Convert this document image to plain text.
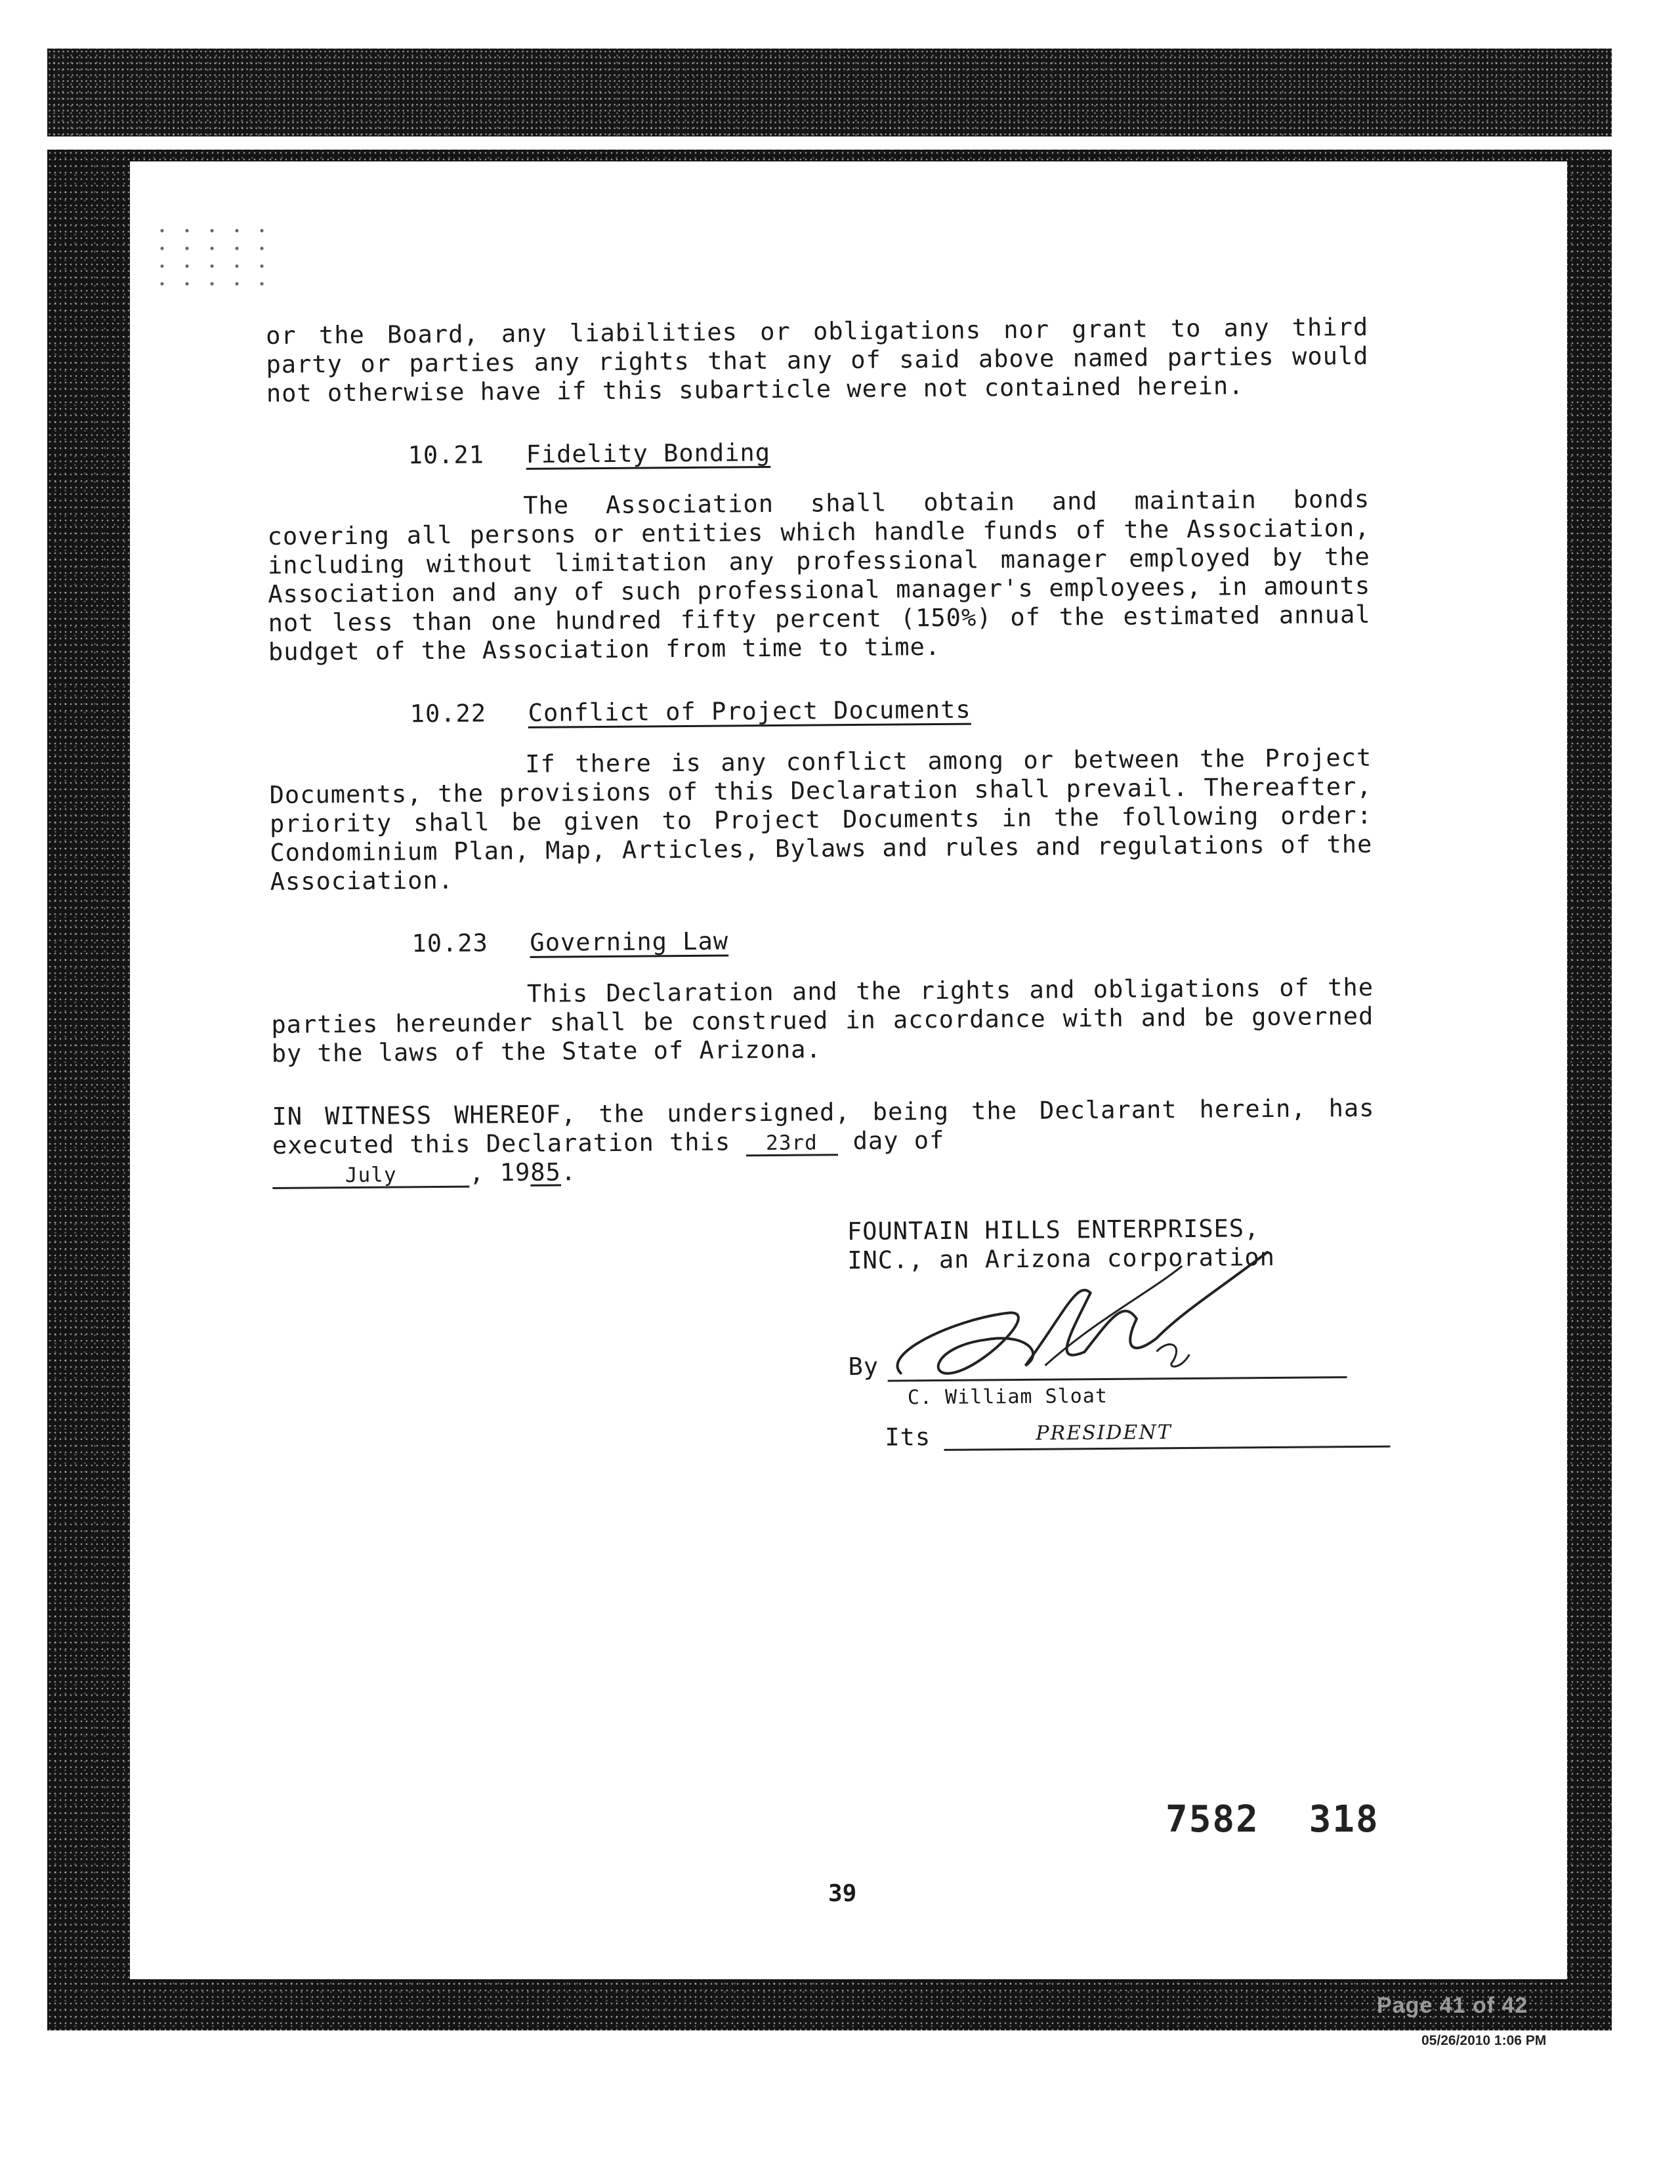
or the Board, any liabilities or obligations nor grant to any third party or parties any rights that any of said above named parties would not otherwise have if this subarticle were not contained herein.

10.21 Fidelity Bonding

The Association shall obtain and maintain bonds covering all persons or entities which handle funds of the Association, including without limitation any professional manager employed by the Association and any of such professional manager's employees, in amounts not less than one hundred fifty percent (150%) of the estimated annual budget of the Association from time to time.

10.22 Conflict of Project Documents

If there is any conflict among or between the Project Documents, the provisions of this Declaration shall prevail. Thereafter, priority shall be given to Project Documents in the following order: Condominium Plan, Map, Articles, Bylaws and rules and regulations of the Association.

10.23 Governing Law

This Declaration and the rights and obligations of the parties hereunder shall be construed in accordance with and be governed by the laws of the State of Arizona.

IN WITNESS WHEREOF, the undersigned, being the Declarant herein, has executed this Declaration this 23rd day of
July	, 1985.

FOUNTAIN HILLS ENTERPRISES,
INC., an Arizona corporation
By
C. William Sloat
Its	PRESIDENT
7582 318
39
Page 41 of 42
05/26/2010 1:06 PM
